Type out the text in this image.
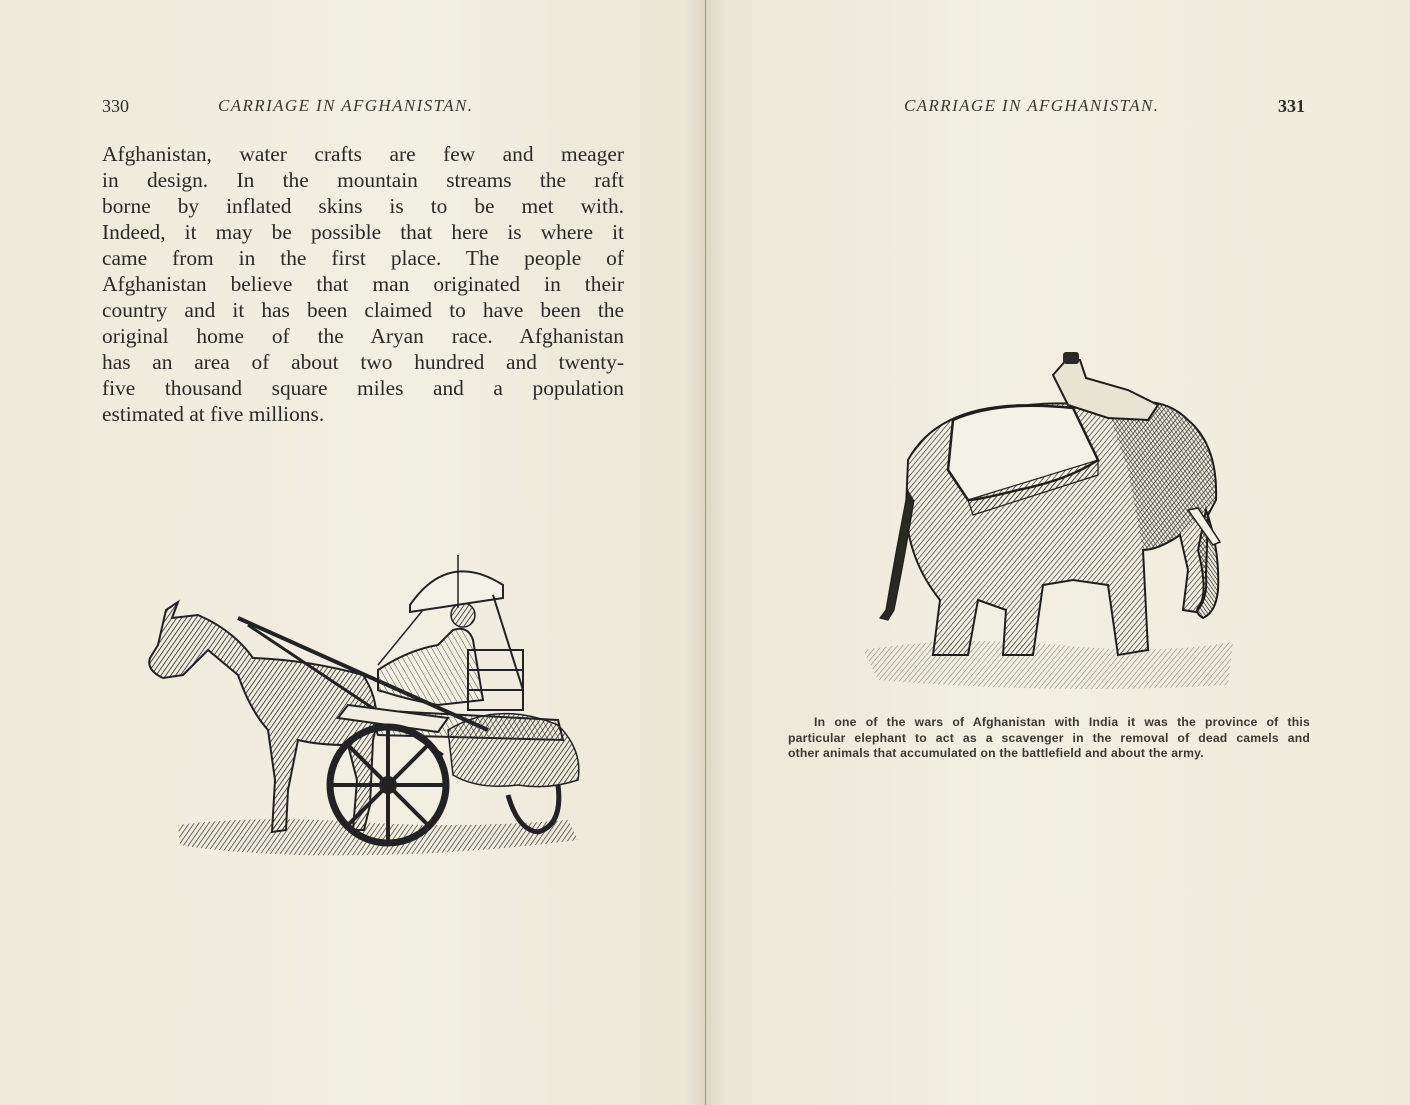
330	CARRIAGE IN AFGHANISTAN.
Afghanistan, water crafts are few and meager
in design. In the mountain streams the raft
borne by inflated skins is to be met with.
Indeed, it may be possible that here is where it
came from in the first place. The people of
Afghanistan believe that man originated in their
country and it has been claimed to have been the
original home of the Aryan race. Afghanistan
has an area of about two hundred and twenty-
five thousand square miles and a population
estimated at five millions.
CARRIAGE IN AFGHANISTAN.	331
In one of the wars of Afghanistan with India it was the province of this
particular elephant to act as a scavenger in the removal of dead camels and
other animals that accumulated on the battlefield and about the army.
